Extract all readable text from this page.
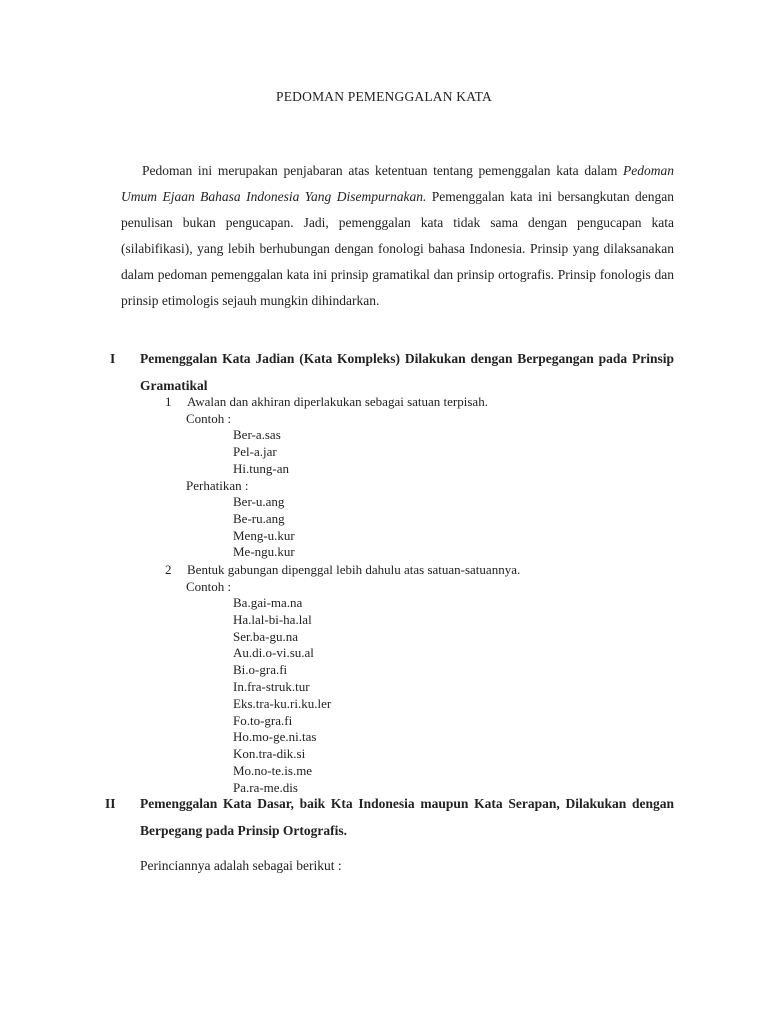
PEDOMAN PEMENGGALAN KATA
Pedoman ini merupakan penjabaran atas ketentuan tentang pemenggalan kata dalam Pedoman Umum Ejaan Bahasa Indonesia Yang Disempurnakan. Pemenggalan kata ini bersangkutan dengan penulisan bukan pengucapan. Jadi, pemenggalan kata tidak sama dengan pengucapan kata (silabifikasi), yang lebih berhubungan dengan fonologi bahasa Indonesia. Prinsip yang dilaksanakan dalam pedoman pemenggalan kata ini prinsip gramatikal dan prinsip ortografis. Prinsip fonologis dan prinsip etimologis sejauh mungkin dihindarkan.
I Pemenggalan Kata Jadian (Kata Kompleks) Dilakukan dengan Berpegangan pada Prinsip Gramatikal
1 Awalan dan akhiran diperlakukan sebagai satuan terpisah.
Contoh :
Ber-a.sas
Pel-a.jar
Hi.tung-an
Perhatikan :
Ber-u.ang
Be-ru.ang
Meng-u.kur
Me-ngu.kur
2 Bentuk gabungan dipenggal lebih dahulu atas satuan-satuannya.
Contoh :
Ba.gai-ma.na
Ha.lal-bi-ha.lal
Ser.ba-gu.na
Au.di.o-vi.su.al
Bi.o-gra.fi
In.fra-struk.tur
Eks.tra-ku.ri.ku.ler
Fo.to-gra.fi
Ho.mo-ge.ni.tas
Kon.tra-dik.si
Mo.no-te.is.me
Pa.ra-me.dis
II Pemenggalan Kata Dasar, baik Kta Indonesia maupun Kata Serapan, Dilakukan dengan Berpegang pada Prinsip Ortografis.
Perinciannya adalah sebagai berikut :
